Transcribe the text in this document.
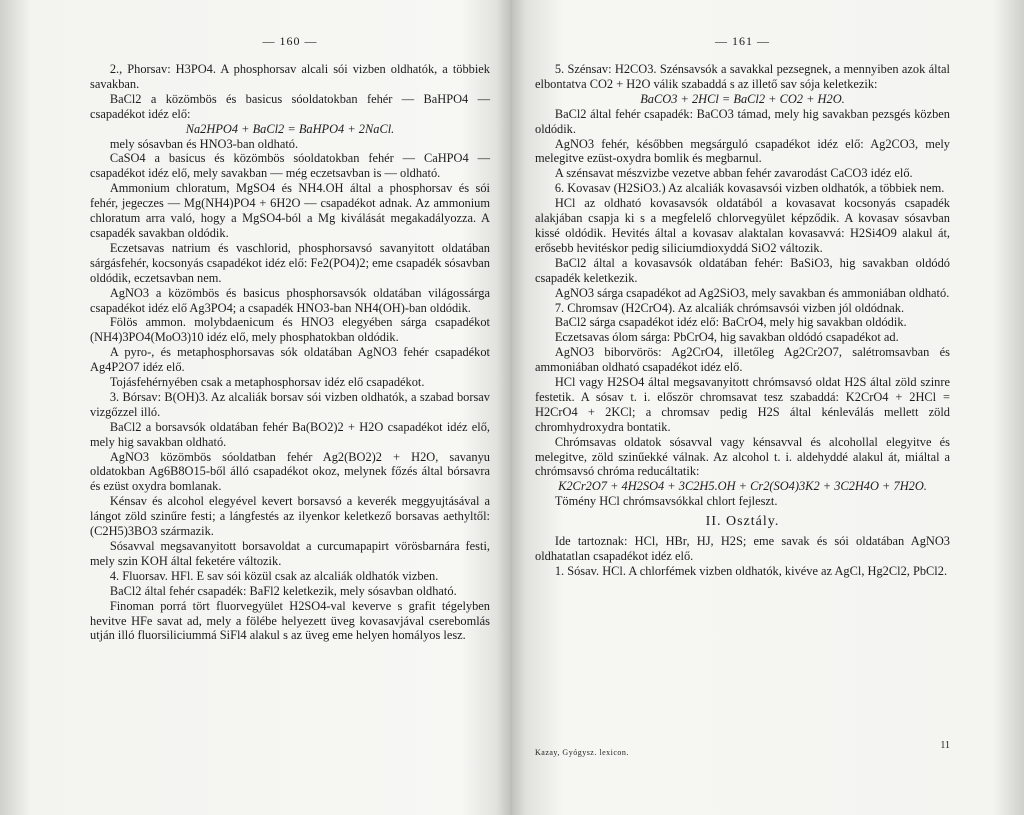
— 160 —

2., Phorsav: H3PO4. A phosphorsav alcali sói vizben oldhatók, a többiek savakban.

BaCl2 a közömbös és basicus sóoldatokban fehér — BaHPO4 — csapadékot idéz elő:

Na2HPO4 + BaCl2 = BaHPO4 + 2NaCl.

mely sósavban és HNO3-ban oldható.

CaSO4 a basicus és közömbös sóoldatokban fehér — CaHPO4 — csapadékot idéz elő, mely savakban — még eczetsavban is — oldható.

Ammonium chloratum, MgSO4 és NH4.OH által a phosphorsav és sói fehér, jegeczes — Mg(NH4)PO4 + 6H2O — csapadékot adnak. Az ammonium chloratum arra való, hogy a MgSO4-ból a Mg kiválását megakadályozza. A csapadék savakban oldódik.

Eczetsavas natrium és vaschlorid, phosphorsavsó savanyitott oldatában sárgásfehér, kocsonyás csapadékot idéz elő: Fe2(PO4)2; eme csapadék sósavban oldódik, eczetsavban nem.

AgNO3 a közömbös és basicus phosphorsavsók oldatában világossárga csapadékot idéz elő Ag3PO4; a csapadék HNO3-ban NH4(OH)-ban oldódik.

Fölös ammon. molybdaenicum és HNO3 elegyében sárga csapadékot (NH4)3PO4(MoO3)10 idéz elő, mely phosphatokban oldódik.

A pyro-, és metaphosphorsavas sók oldatában AgNO3 fehér csapadékot Ag4P2O7 idéz elő.

Tojásfehérnyében csak a metaphosphorsav idéz elő csapadékot.

3. Bórsav: B(OH)3. Az alcaliák borsav sói vizben oldhatók, a szabad borsav vizgőzzel illó.

BaCl2 a borsavsók oldatában fehér Ba(BO2)2 + H2O csapadékot idéz elő, mely hig savakban oldható.

AgNO3 közömbös sóoldatban fehér Ag2(BO2)2 + H2O, savanyu oldatokban Ag6B8O15-ből álló csapadékot okoz, melynek főzés által bórsavra és ezüst oxydra bomlanak.

Kénsav és alcohol elegyével kevert borsavsó a keverék meggyujtásával a lángot zöld szinűre festi; a lángfestés az ilyenkor keletkező borsavas aethyltől: (C2H5)3BO3 származik.

Sósavval megsavanyitott borsavoldat a curcumapapirt vörösbarnára festi, mely szin KOH által feketére változik.

4. Fluorsav. HFl. E sav sói közül csak az alcaliák oldhatók vizben.

BaCl2 által fehér csapadék: BaFl2 keletkezik, mely sósavban oldható.

Finoman porrá tört fluorvegyület H2SO4-val keverve s grafit tégelyben hevitve HFe savat ad, mely a fölébe helyezett üveg kovasavjával cserebomlás utján illó fluorsiliciummá SiFl4 alakul s az üveg eme helyen homályos lesz.

— 161 —

5. Szénsav: H2CO3. Szénsavsók a savakkal pezsegnek, a mennyiben azok által elbontatva CO2 + H2O válik szabaddá s az illető sav sója keletkezik:

BaCO3 + 2HCl = BaCl2 + CO2 + H2O.

BaCl2 által fehér csapadék: BaCO3 támad, mely hig savakban pezsgés közben oldódik.

AgNO3 fehér, későbben megsárguló csapadékot idéz elő: Ag2CO3, mely melegitve ezüst-oxydra bomlik és megbarnul.

A szénsavat mészvizbe vezetve abban fehér zavarodást CaCO3 idéz elő.

6. Kovasav (H2SiO3.) Az alcaliák kovasavsói vizben oldhatók, a többiek nem.

HCl az oldható kovasavsók oldatából a kovasavat kocsonyás csapadék alakjában csapja ki s a megfelelő chlorvegyület képződik. A kovasav sósavban kissé oldódik. Hevités által a kovasav alaktalan kovasavvá: H2Si4O9 alakul át, erősebb hevitéskor pedig siliciumdioxyddá SiO2 változik.

BaCl2 által a kovasavsók oldatában fehér: BaSiO3, hig savakban oldódó csapadék keletkezik.

AgNO3 sárga csapadékot ad Ag2SiO3, mely savakban és ammoniában oldható.

7. Chromsav (H2CrO4). Az alcaliák chrómsavsói vizben jól oldódnak.

BaCl2 sárga csapadékot idéz elő: BaCrO4, mely hig savakban oldódik.

Eczetsavas ólom sárga: PbCrO4, hig savakban oldódó csapadékot ad.

AgNO3 biborvörös: Ag2CrO4, illetőleg Ag2Cr2O7, salétromsavban és ammoniában oldható csapadékot idéz elő.

HCl vagy H2SO4 által megsavanyitott chrómsavsó oldat H2S által zöld szinre festetik. A sósav t. i. először chromsavat tesz szabaddá: K2CrO4 + 2HCl = H2CrO4 + 2KCl; a chromsav pedig H2S által kénleválás mellett zöld chromhydroxydra bontatik.

Chrómsavas oldatok sósavval vagy kénsavval és alcohollal elegyitve és melegitve, zöld szinűekké válnak. Az alcohol t. i. aldehyddé alakul át, miáltal a chrómsavsó chróma reducáltatik:

K2Cr2O7 + 4H2SO4 + 3C2H5.OH + Cr2(SO4)3K2 + 3C2H4O + 7H2O.

Tömény HCl chrómsavsókkal chlort fejleszt.

II. Osztály.

Ide tartoznak: HCl, HBr, HJ, H2S; eme savak és sói oldatában AgNO3 oldhatatlan csapadékot idéz elő.

1. Sósav. HCl. A chlorfémek vizben oldhatók, kivéve az AgCl, Hg2Cl2, PbCl2.

Kazay, Gyógysz. lexicon.
11
